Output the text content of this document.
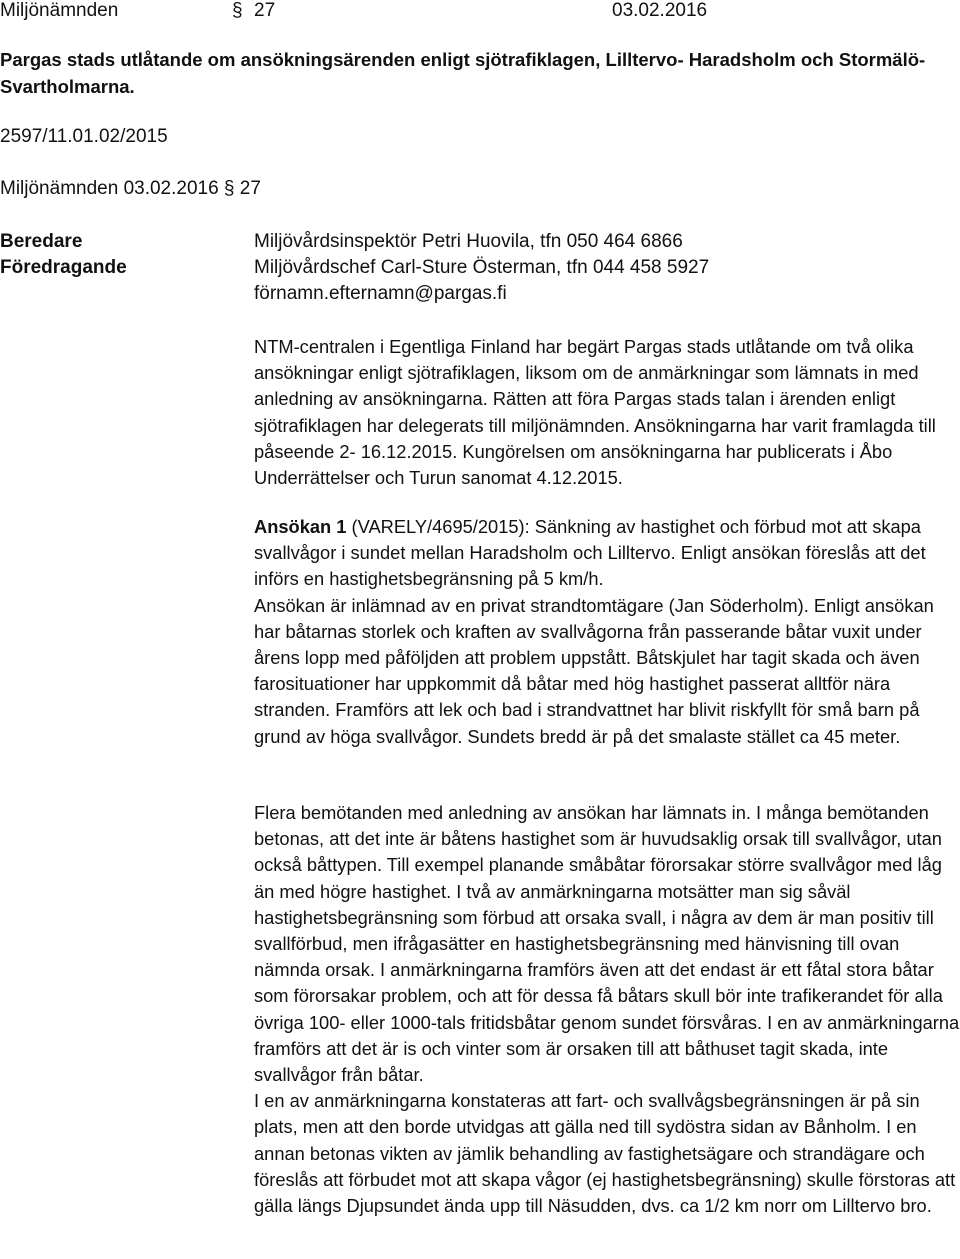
Miljönämnden	§ 27	03.02.2016
Pargas stads utlåtande om ansökningsärenden enligt sjötrafiklagen, Lilltervo- Haradsholm och Stormälö-Svartholmarna.
2597/11.01.02/2015
Miljönämnden 03.02.2016 § 27
Beredare	Miljövårdsinspektör Petri Huovila, tfn 050 464 6866
Föredragande	Miljövårdschef Carl-Sture Österman, tfn 044 458 5927
förnamn.efternamn@pargas.fi

NTM-centralen i Egentliga Finland har begärt Pargas stads utlåtande om två olika ansökningar enligt sjötrafiklagen, liksom om de anmärkningar som lämnats in med anledning av ansökningarna. Rätten att föra Pargas stads talan i ärenden enligt sjötrafiklagen har delegerats till miljönämnden. Ansökningarna har varit framlagda till påseende 2- 16.12.2015. Kungörelsen om ansökningarna har publicerats i Åbo Underrättelser och Turun sanomat 4.12.2015.

Ansökan 1 (VARELY/4695/2015): Sänkning av hastighet och förbud mot att skapa svallvågor i sundet mellan Haradsholm och Lilltervo. Enligt ansökan föreslås att det införs en hastighetsbegränsning på 5 km/h.

Ansökan är inlämnad av en privat strandtomtägare (Jan Söderholm). Enligt ansökan har båtarnas storlek och kraften av svallvågorna från passerande båtar vuxit under årens lopp med påföljden att problem uppstått. Båtskjulet har tagit skada och även farosituationer har uppkommit då båtar med hög hastighet passerat alltför nära stranden. Framförs att lek och bad i strandvattnet har blivit riskfyllt för små barn på grund av höga svallvågor. Sundets bredd är på det smalaste stället ca 45 meter.

Flera bemötanden med anledning av ansökan har lämnats in. I många bemötanden betonas, att det inte är båtens hastighet som är huvudsaklig orsak till svallvågor, utan också båttypen. Till exempel planande småbåtar förorsakar större svallvågor med låg än med högre hastighet. I två av anmärkningarna motsätter man sig såväl hastighetsbegränsning som förbud att orsaka svall, i några av dem är man positiv till svallförbud, men ifrågasätter en hastighetsbegränsning med hänvisning till ovan nämnda orsak. I anmärkningarna framförs även att det endast är ett fåtal stora båtar som förorsakar problem, och att för dessa få båtars skull bör inte trafikerandet för alla övriga 100- eller 1000-tals fritidsbåtar genom sundet försvåras. I en av anmärkningarna framförs att det är is och vinter som är orsaken till att båthuset tagit skada, inte svallvågor från båtar.

I en av anmärkningarna konstateras att fart- och svallvågsbegränsningen är på sin plats, men att den borde utvidgas att gälla ned till sydöstra sidan av Bånholm. I en annan betonas vikten av jämlik behandling av fastighetsägare och strandägare och föreslås att förbudet mot att skapa vågor (ej hastighetsbegränsning) skulle förstoras att gälla längs Djupsundet ända upp till Näsudden, dvs. ca 1/2 km norr om Lilltervo bro.
